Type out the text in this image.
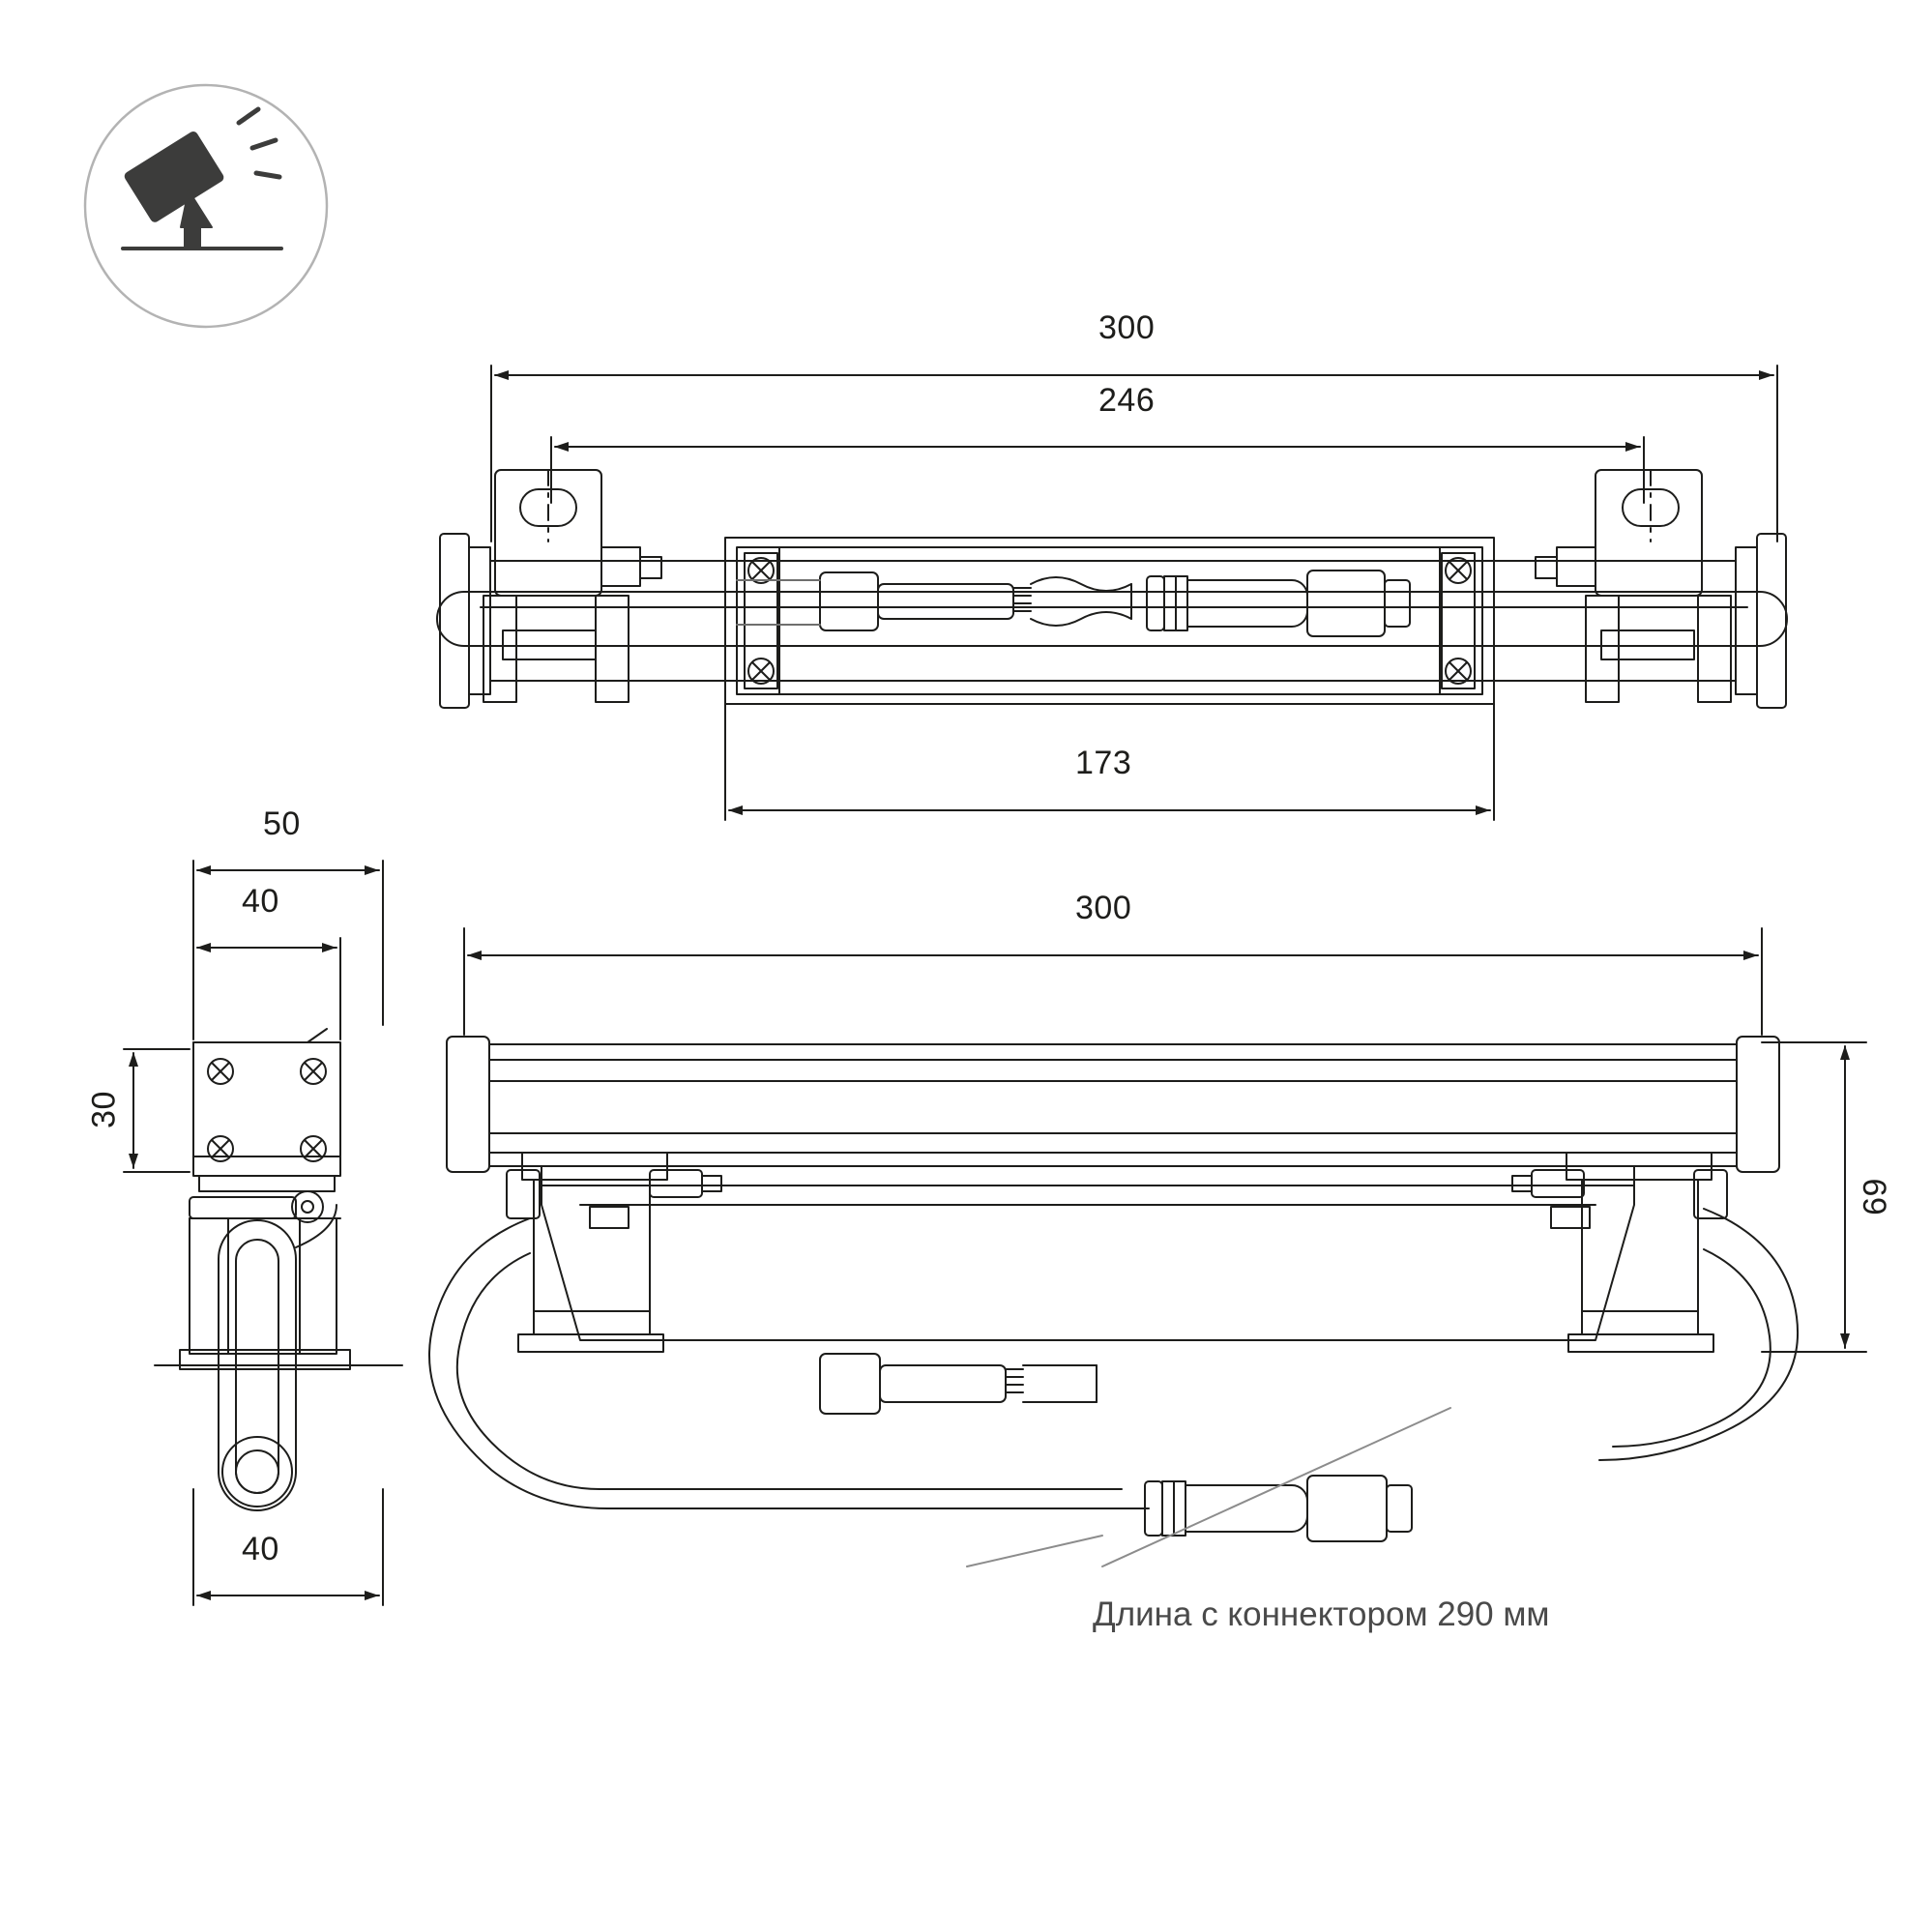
300
246
173
50
40
30
40
300
69
Длина с коннектором 290 мм
